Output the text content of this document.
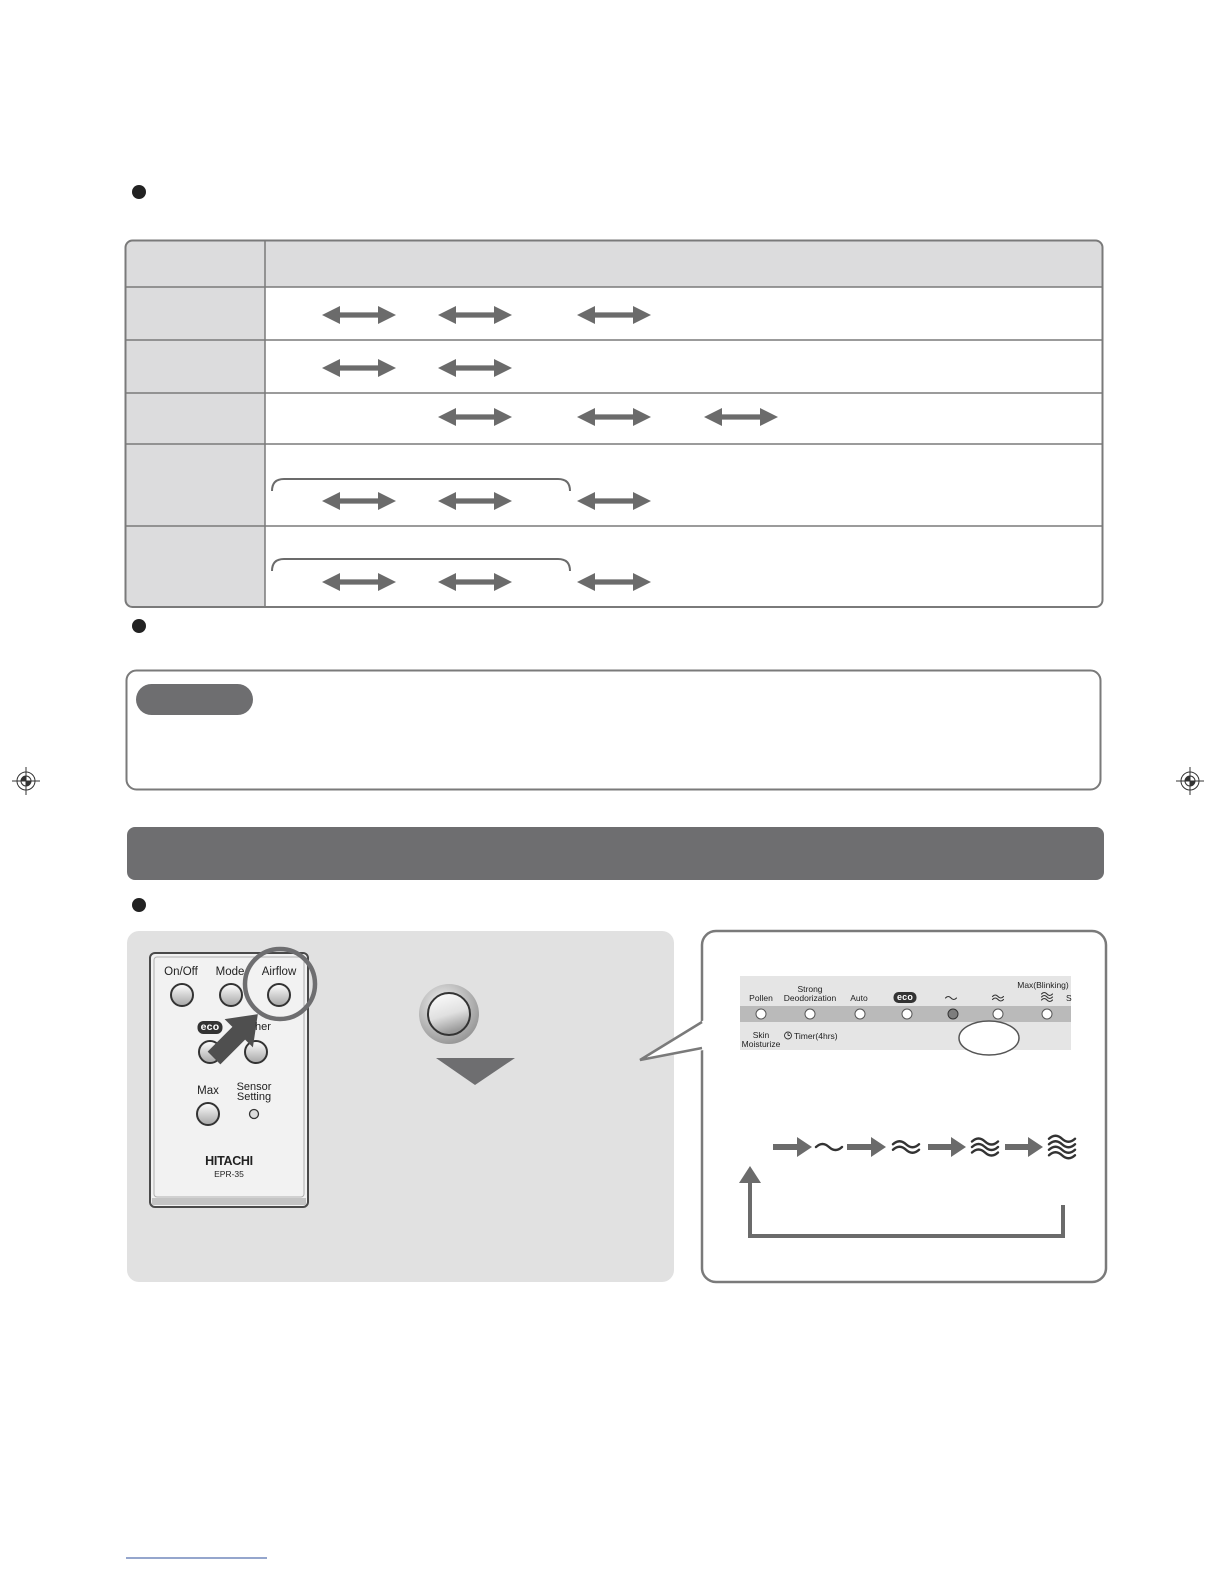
On/Off Mode Airflow
eco	her
Max Sensor
Setting
HITACHI
EPR-35
Pollen
Strong
Deodorization Auto	eco
Max(Blinking)
S
Skin
Moisturize
Timer(4hrs)
